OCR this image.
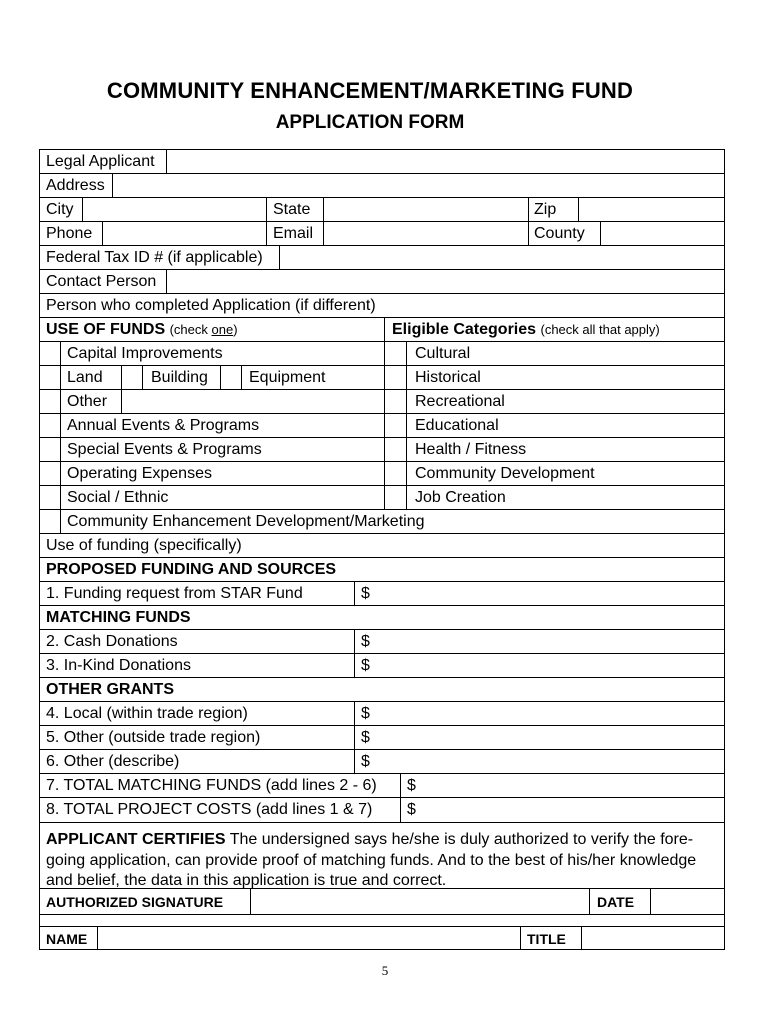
COMMUNITY ENHANCEMENT/MARKETING FUND
APPLICATION FORM
Legal Applicant
Address
City	State	Zip
Phone	Email	County
Federal Tax ID # (if applicable)
Contact Person
Person who completed Application (if different)
USE OF FUNDS (check one)	Eligible Categories (check all that apply)
Capital Improvements	Cultural
Land	Building	Equipment	Historical
Other	Recreational
Annual Events & Programs	Educational
Special Events & Programs	Health / Fitness
Operating Expenses	Community Development
Social / Ethnic	Job Creation
Community Enhancement Development/Marketing
Use of funding (specifically)
PROPOSED FUNDING AND SOURCES
1. Funding request from STAR Fund	$
MATCHING FUNDS
2. Cash Donations	$
3. In-Kind Donations	$
OTHER GRANTS
4. Local (within trade region)	$
5. Other (outside trade region)	$
6. Other (describe)	$
7. TOTAL MATCHING FUNDS (add lines 2 - 6) $
8. TOTAL PROJECT COSTS (add lines 1 & 7) $
APPLICANT CERTIFIES The undersigned says he/she is duly authorized to verify the fore-going application, can provide proof of matching funds. And to the best of his/her knowledge and belief, the data in this application is true and correct.
AUTHORIZED SIGNATURE	DATE
NAME	TITLE
5
